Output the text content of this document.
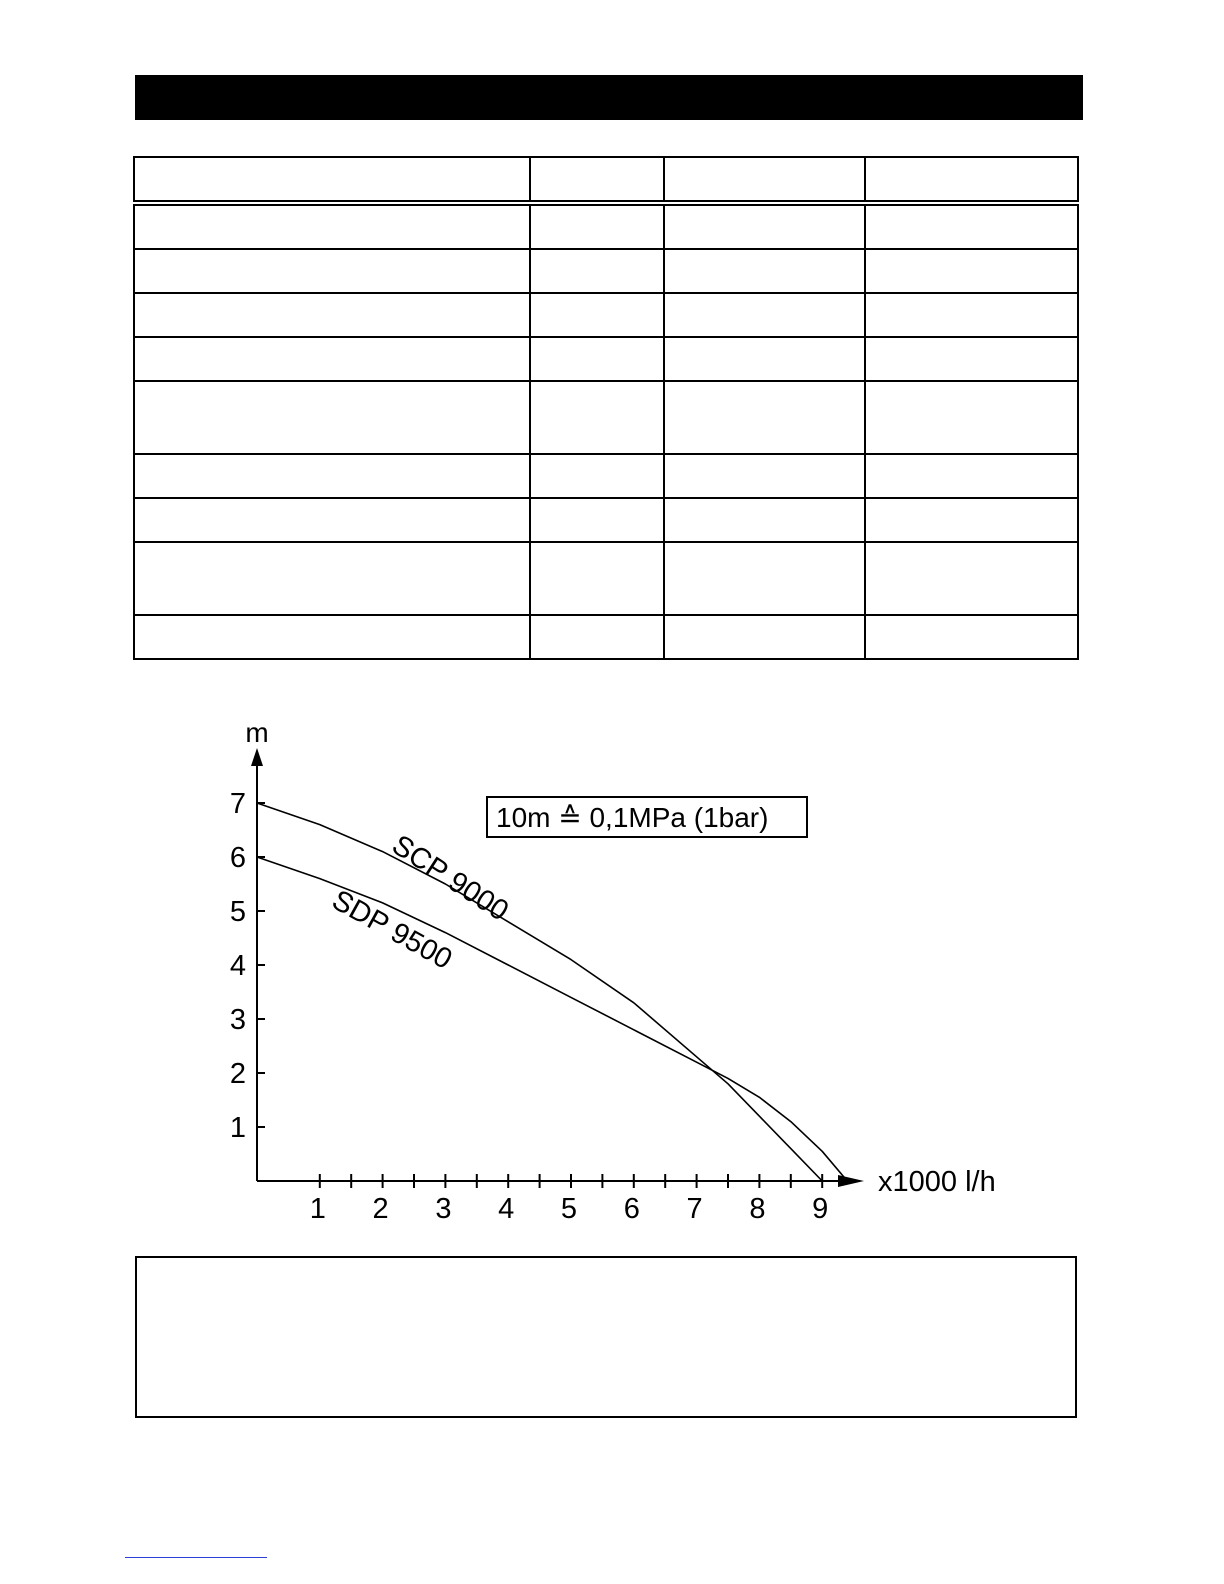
m
x1000 l/h
1 2 3 4 5 6 7 8 9
1
2
3
4
5
6
7
SCP 9000
SDP 9500
10m ≙ 0,1MPa (1bar)
